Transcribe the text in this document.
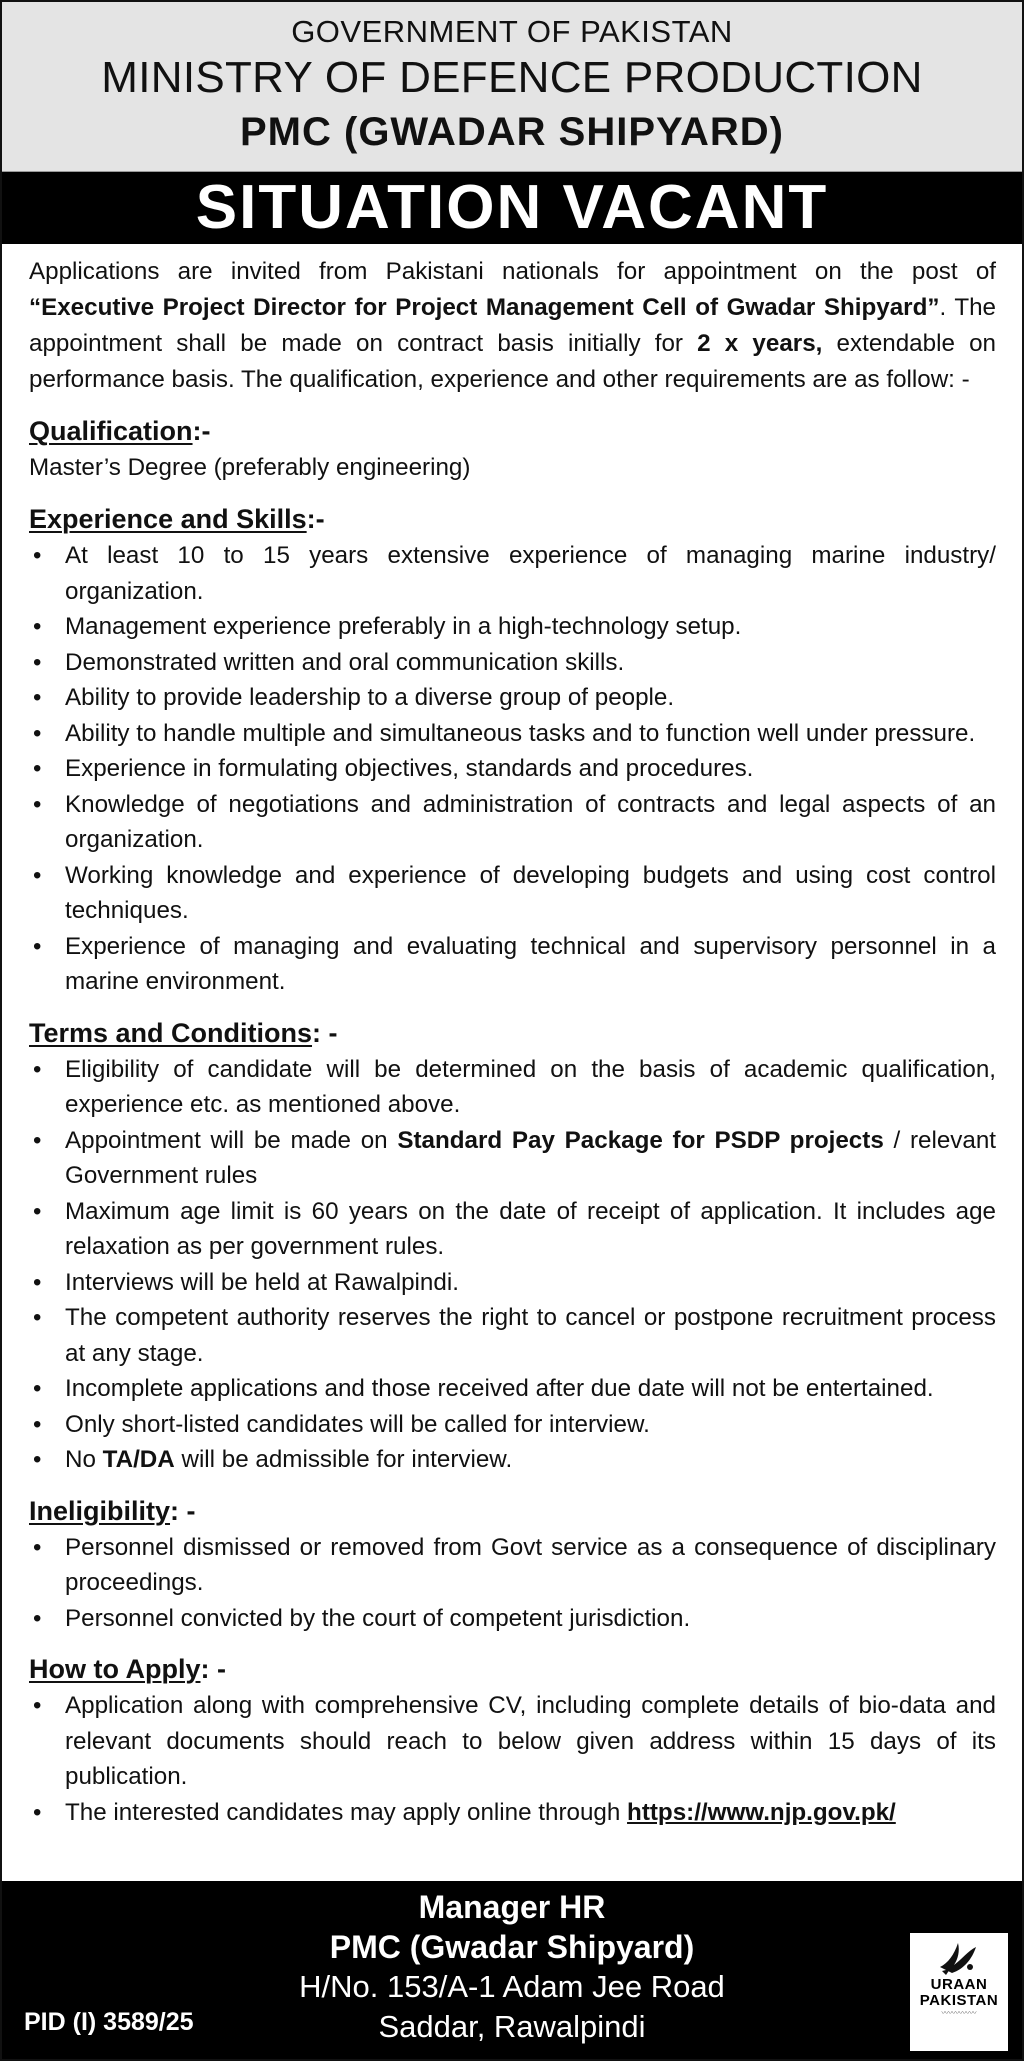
GOVERNMENT OF PAKISTAN
MINISTRY OF DEFENCE PRODUCTION
PMC (GWADAR SHIPYARD)
SITUATION VACANT

Applications are invited from Pakistani nationals for appointment on the post of “Executive Project Director for Project Management Cell of Gwadar Shipyard”. The appointment shall be made on contract basis initially for 2 x years, extendable on performance basis. The qualification, experience and other requirements are as follow: -

Qualification:-
Master’s Degree (preferably engineering)
Experience and Skills:-
• At least 10 to 15 years extensive experience of managing marine industry/ organization.
• Management experience preferably in a high-technology setup.
• Demonstrated written and oral communication skills.
• Ability to provide leadership to a diverse group of people.
• Ability to handle multiple and simultaneous tasks and to function well under pressure.
• Experience in formulating objectives, standards and procedures.
• Knowledge of negotiations and administration of contracts and legal aspects of an organization.
• Working knowledge and experience of developing budgets and using cost control techniques.
• Experience of managing and evaluating technical and supervisory personnel in a marine environment.
Terms and Conditions: -
• Eligibility of candidate will be determined on the basis of academic qualification, experience etc. as mentioned above.
• Appointment will be made on Standard Pay Package for PSDP projects / relevant Government rules
• Maximum age limit is 60 years on the date of receipt of application. It includes age relaxation as per government rules.
• Interviews will be held at Rawalpindi.
• The competent authority reserves the right to cancel or postpone recruitment process at any stage.
• Incomplete applications and those received after due date will not be entertained.
• Only short-listed candidates will be called for interview.
• No TA/DA will be admissible for interview.
Ineligibility: -
• Personnel dismissed or removed from Govt service as a consequence of disciplinary proceedings.
• Personnel convicted by the court of competent jurisdiction.
How to Apply: -
• Application along with comprehensive CV, including complete details of bio-data and relevant documents should reach to below given address within 15 days of its publication.
• The interested candidates may apply online through https://www.njp.gov.pk/
Manager HR
PMC (Gwadar Shipyard)
H/No. 153/A-1 Adam Jee Road
Saddar, Rawalpindi
PID (I) 3589/25
URAAN
PAKISTAN
〰〰〰〰〰
